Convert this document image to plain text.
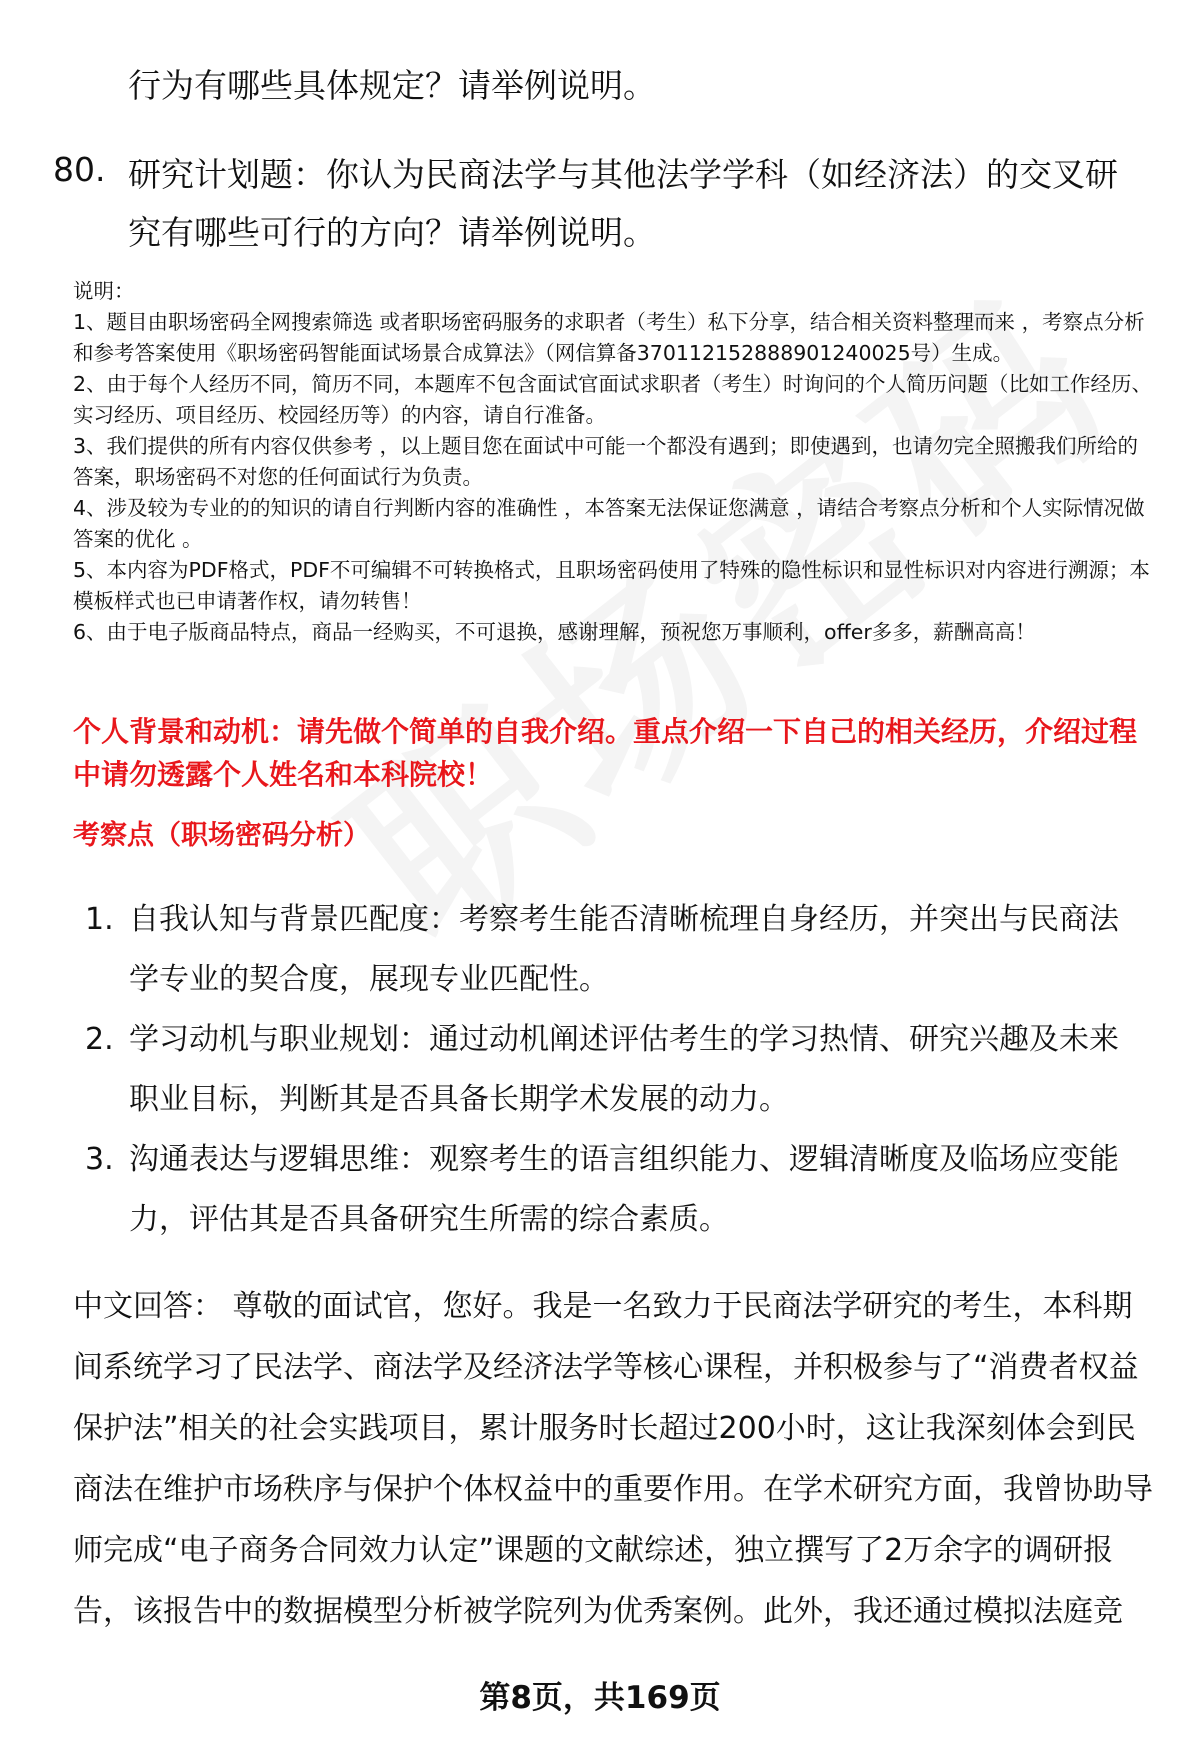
行为有哪些具体规定？请举例说明。
80. 研究计划题：你认为民商法学与其他法学学科（如经济法）的交叉研究有哪些可行的方向？请举例说明。

说明：

1、题目由职场密码全网搜索筛选 或者职场密码服务的求职者（考生）私下分享，结合相关资料整理而来 ，考察点分析和参考答案使用《职场密码智能面试场景合成算法》（网信算备370112152888901240025号）生成。

2、由于每个人经历不同，简历不同，本题库不包含面试官面试求职者（考生）时询问的个人简历问题（比如工作经历、实习经历、项目经历、校园经历等）的内容，请自行准备。

3、我们提供的所有内容仅供参考 ，以上题目您在面试中可能一个都没有遇到；即使遇到，也请勿完全照搬我们所给的答案，职场密码不对您的任何面试行为负责。

4、涉及较为专业的的知识的请自行判断内容的准确性 ，本答案无法保证您满意 ，请结合考察点分析和个人实际情况做答案的优化 。

5、本内容为PDF格式，PDF不可编辑不可转换格式，且职场密码使用了特殊的隐性标识和显性标识对内容进行溯源；本模板样式也已申请著作权，请勿转售！

6、由于电子版商品特点，商品一经购买，不可退换，感谢理解，预祝您万事顺利，offer多多，薪酬高高！

个人背景和动机：请先做个简单的自我介绍。重点介绍一下自己的相关经历，介绍过程中请勿透露个人姓名和本科院校！
考察点（职场密码分析）
1. 自我认知与背景匹配度：考察考生能否清晰梳理自身经历，并突出与民商法学专业的契合度，展现专业匹配性。
2. 学习动机与职业规划：通过动机阐述评估考生的学习热情、研究兴趣及未来职业目标，判断其是否具备长期学术发展的动力。
3. 沟通表达与逻辑思维：观察考生的语言组织能力、逻辑清晰度及临场应变能力，评估其是否具备研究生所需的综合素质。
中文回答： 尊敬的面试官，您好。我是一名致力于民商法学研究的考生，本科期间系统学习了民法学、商法学及经济法学等核心课程，并积极参与了“消费者权益保护法”相关的社会实践项目，累计服务时长超过200小时，这让我深刻体会到民商法在维护市场秩序与保护个体权益中的重要作用。在学术研究方面，我曾协助导师完成“电子商务合同效力认定”课题的文献综述，独立撰写了2万余字的调研报告，该报告中的数据模型分析被学院列为优秀案例。此外，我还通过模拟法庭竞
第8页，共169页
